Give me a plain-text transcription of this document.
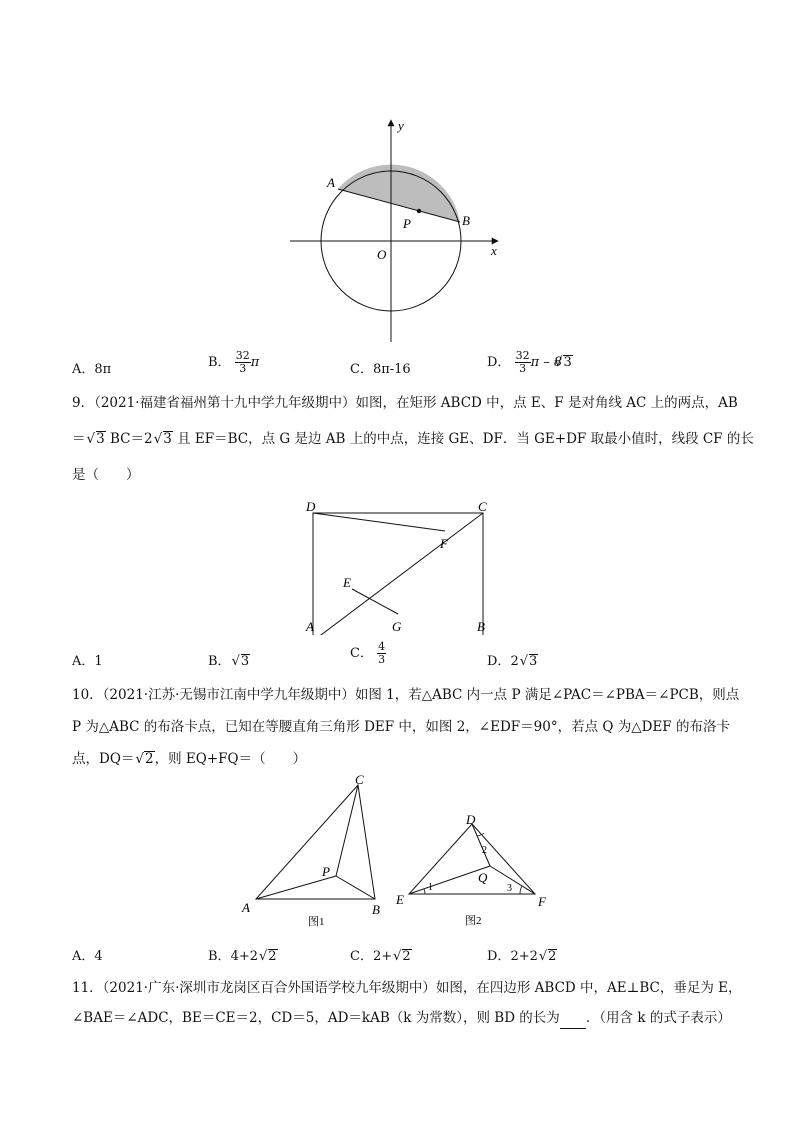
y
x
A
B
P
O
A．8π	B． $\frac{32}{3}$ π	C．8π-16	D． $\frac{32}{3}$ π – 8√ 3
9．（2021·福建省福州第十九中学九年级期中）如图，在矩形 ABCD 中，点 E、F 是对角线 AC 上的两点，AB
＝ √ 3 BC＝2 √ 3 且 EF＝BC，点 G 是边 AB 上的中点，连接 GE、DF．当 GE+DF 取最小值时，线段 CF 的长
是（　　）
D	C
F
E
A	G	B
A．1	B． √ 3
C． $\frac{4}{3}$	D．2 √ 3
10．（2021·江苏·无锡市江南中学九年级期中）如图 1，若△ABC 内一点 P 满足∠PAC＝∠PBA＝∠PCB，则点
P 为△ABC 的布洛卡点，已知在等腰直角三角形 DEF 中，如图 2，∠EDF＝90°，若点 Q 为△DEF 的布洛卡
点，DQ＝ √ 2，则 EQ+FQ＝（　　）
C
P
A	B
图1
D
Q
E	F
1
2
3
图2
A．4	B．4+2 √ 2	C．2+ √ 2	D．2+2 √ 2
11．（2021·广东·深圳市龙岗区百合外国语学校九年级期中）如图，在四边形 ABCD 中，AE⊥BC，垂足为 E，
∠BAE＝∠ADC，BE＝CE＝2，CD＝5，AD＝kAB（k 为常数），则 BD 的长为 ．（用含 k 的式子表示）
